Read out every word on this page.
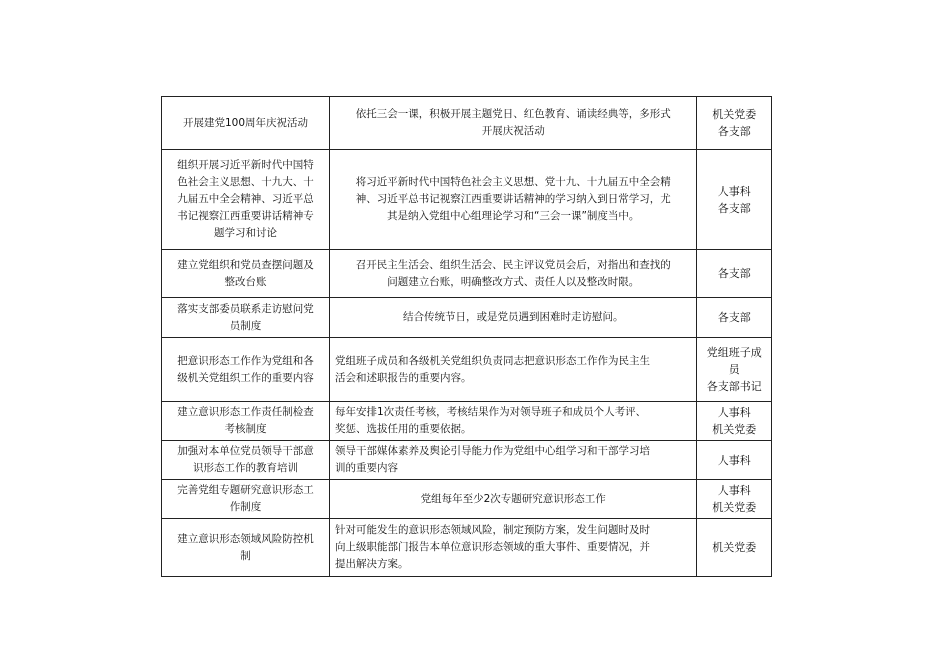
开展建党100周年庆祝活动	依托三会一课，积极开展主题党日、红色教育、诵读经典等，多形式
开展庆祝活动	机关党委
各支部

组织开展习近平新时代中国特
色社会主义思想、十九大、十
九届五中全会精神、习近平总
书记视察江西重要讲话精神专
题学习和讨论	将习近平新时代中国特色社会主义思想、党十九、十九届五中全会精
神、习近平总书记视察江西重要讲话精神的学习纳入到日常学习，尤
其是纳入党组中心组理论学习和“三会一课”制度当中。	人事科
各支部

建立党组织和党员查摆问题及
整改台账	召开民主生活会、组织生活会、民主评议党员会后，对指出和查找的
问题建立台账，明确整改方式、责任人以及整改时限。	各支部

落实支部委员联系走访慰问党
员制度	结合传统节日，或是党员遇到困难时走访慰问。	各支部

把意识形态工作作为党组和各
级机关党组织工作的重要内容	党组班子成员和各级机关党组织负责同志把意识形态工作作为民主生
活会和述职报告的重要内容。	党组班子成
员
各支部书记

建立意识形态工作责任制检查
考核制度	每年安排1次责任考核，考核结果作为对领导班子和成员个人考评、
奖惩、选拔任用的重要依据。	人事科
机关党委

加强对本单位党员领导干部意
识形态工作的教育培训	领导干部媒体素养及舆论引导能力作为党组中心组学习和干部学习培
训的重要内容	人事科

完善党组专题研究意识形态工
作制度	党组每年至少2次专题研究意识形态工作	人事科
机关党委

建立意识形态领域风险防控机
制	针对可能发生的意识形态领域风险，制定预防方案，发生问题时及时
向上级职能部门报告本单位意识形态领域的重大事件、重要情况，并
提出解决方案。	机关党委
